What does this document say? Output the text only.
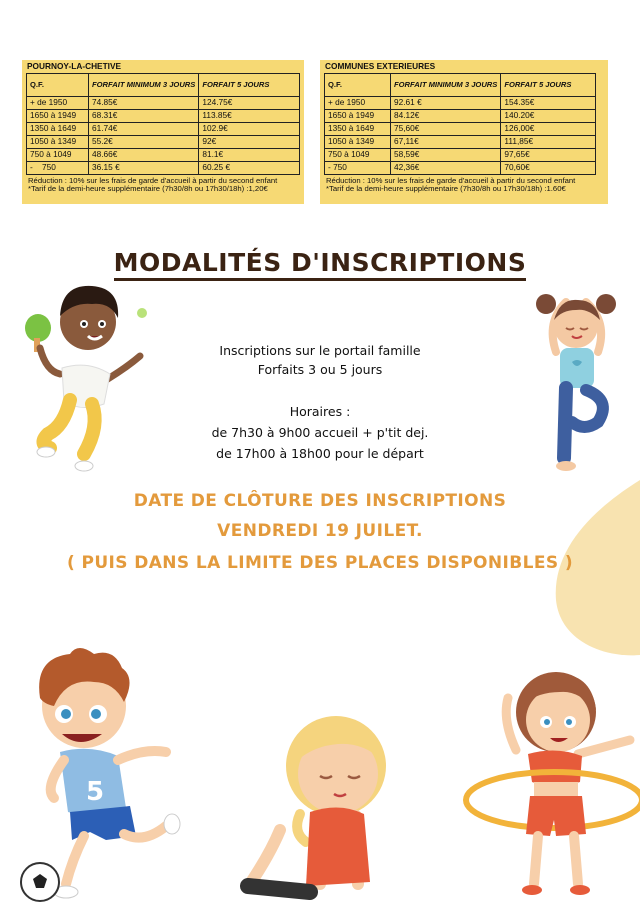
POURNOY-LA-CHETIVE
Q.F.	FORFAIT MINIMUM 3 JOURS	FORFAIT 5 JOURS
+ de 1950	74.85€	124.75€
1650 à 1949	68.31€	113.85€
1350 à 1649	61.74€	102.9€
1050 à 1349	55.2€	92€
750 à 1049	48.66€	81.1€
-    750	36.15 €	60.25 €
Réduction : 10% sur les frais de garde d'accueil à partir du second enfant
*Tarif de la demi-heure supplémentaire (7h30/8h ou 17h30/18h) :1,20€
COMMUNES EXTERIEURES
Q.F.	FORFAIT MINIMUM 3 JOURS	FORFAIT 5 JOURS
+ de 1950	92.61 €	154.35€
1650 à 1949	84.12€	140.20€
1350 à 1649	75,60€	126,00€
1050 à 1349	67,11€	111,85€
750 à 1049	58,59€	97,65€
- 750	42,36€	70,60€
Réduction : 10% sur les frais de garde d'accueil à partir du second enfant
*Tarif de la demi-heure supplémentaire (7h30/8h ou 17h30/18h) :1.60€
MODALITÉS D'INSCRIPTIONS
Inscriptions sur le portail famille
Forfaits 3 ou 5 jours
Horaires :
de 7h30 à 9h00 accueil + p'tit dej.
de 17h00 à 18h00 pour le départ
DATE DE CLÔTURE DES INSCRIPTIONS
VENDREDI 19 JUILET.
( PUIS DANS LA LIMITE DES PLACES DISPONIBLES )
5
